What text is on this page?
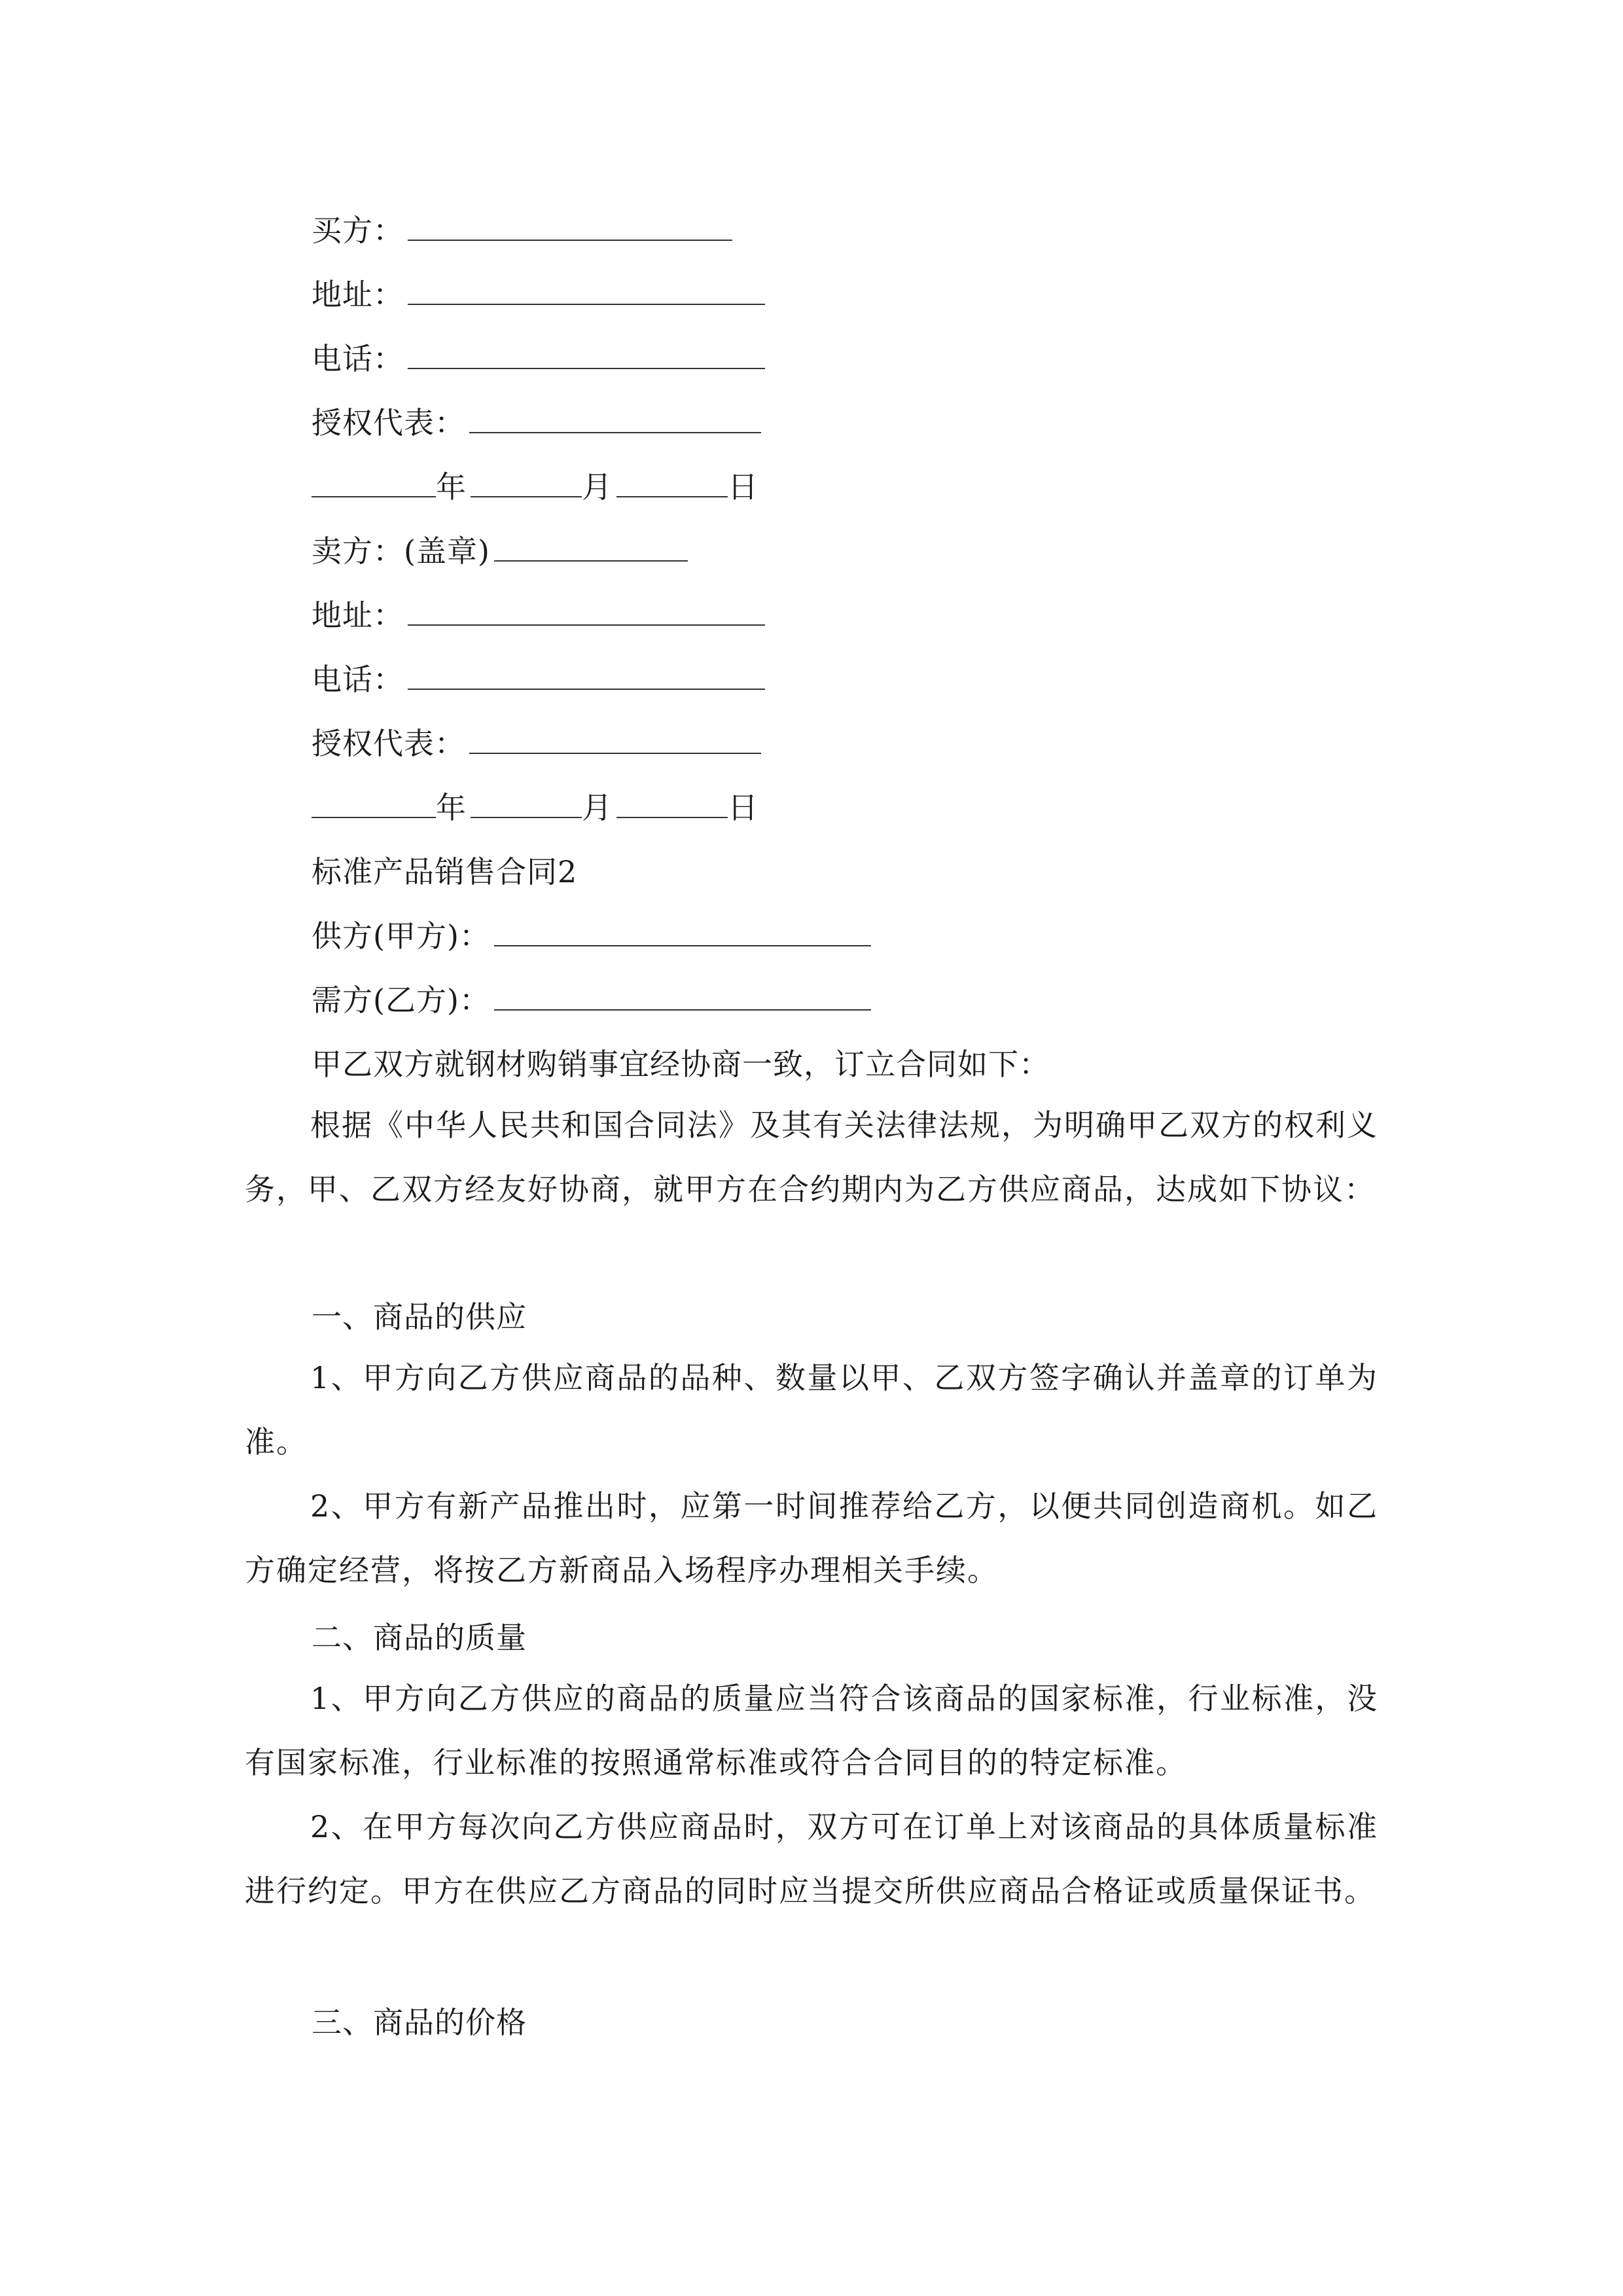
买方：
地址：
电话：
授权代表：
年	月	日
卖方：(盖章)
地址：
电话：
授权代表：
年	月	日
标准产品销售合同2
供方(甲方)：
需方(乙方)：
甲乙双方就钢材购销事宜经协商一致，订立合同如下：
根据《中华人民共和国合同法》及其有关法律法规，为明确甲乙双方的权利义务，甲、乙双方经友好协商，就甲方在合约期内为乙方供应商品，达成如下协议：
一、商品的供应
1、甲方向乙方供应商品的品种、数量以甲、乙双方签字确认并盖章的订单为准。
2、甲方有新产品推出时，应第一时间推荐给乙方，以便共同创造商机。如乙方确定经营，将按乙方新商品入场程序办理相关手续。
二、商品的质量
1、甲方向乙方供应的商品的质量应当符合该商品的国家标准，行业标准，没有国家标准，行业标准的按照通常标准或符合合同目的的特定标准。
2、在甲方每次向乙方供应商品时，双方可在订单上对该商品的具体质量标准进行约定。甲方在供应乙方商品的同时应当提交所供应商品合格证或质量保证书。
三、商品的价格
